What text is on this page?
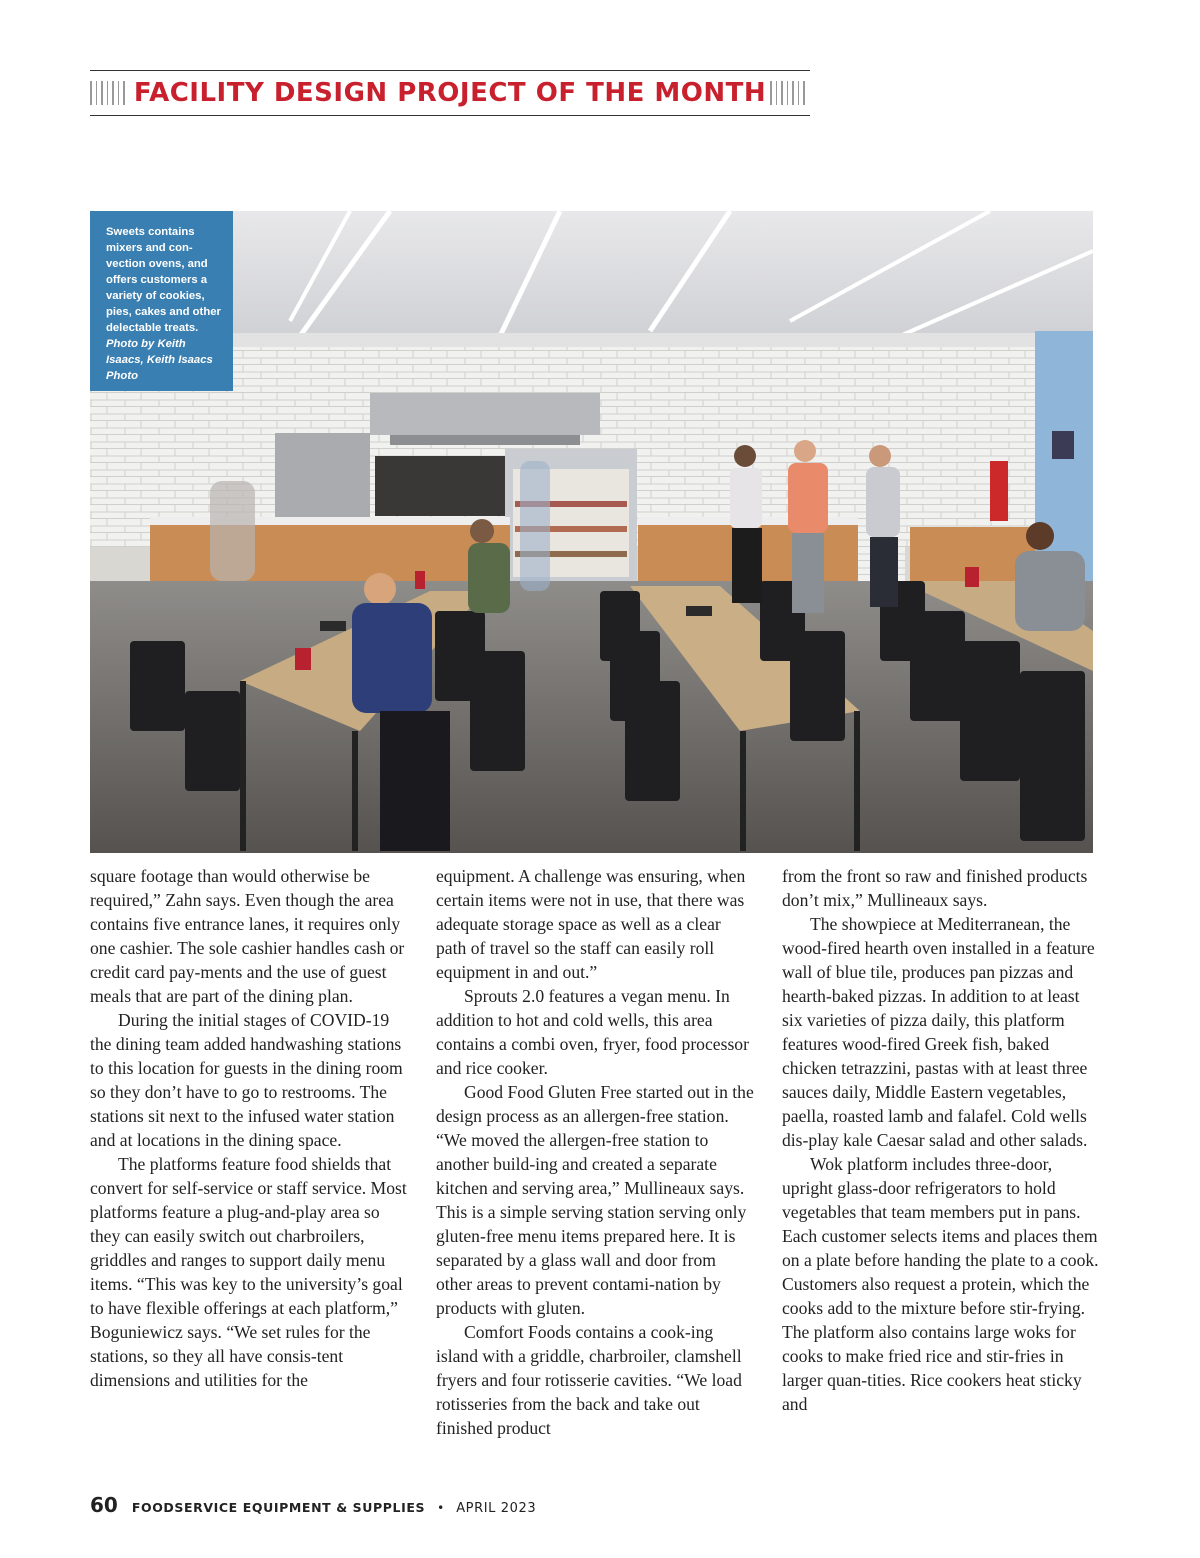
FACILITY DESIGN PROJECT OF THE MONTH
Sweets contains mixers and con-vection ovens, and offers customers a variety of cookies, pies, cakes and other delectable treats. Photo by Keith Isaacs, Keith Isaacs Photo

square footage than would otherwise be required,” Zahn says. Even though the area contains five entrance lanes, it requires only one cashier. The sole cashier handles cash or credit card pay-ments and the use of guest meals that are part of the dining plan.

During the initial stages of COVID-19 the dining team added handwashing stations to this location for guests in the dining room so they don’t have to go to restrooms. The stations sit next to the infused water station and at locations in the dining space.

The platforms feature food shields that convert for self-service or staff service. Most platforms feature a plug-and-play area so they can easily switch out charbroilers, griddles and ranges to support daily menu items. “This was key to the university’s goal to have flexible offerings at each platform,” Boguniewicz says. “We set rules for the stations, so they all have consis-tent dimensions and utilities for the

equipment. A challenge was ensuring, when certain items were not in use, that there was adequate storage space as well as a clear path of travel so the staff can easily roll equipment in and out.”

Sprouts 2.0 features a vegan menu. In addition to hot and cold wells, this area contains a combi oven, fryer, food processor and rice cooker.

Good Food Gluten Free started out in the design process as an allergen-free station. “We moved the allergen-free station to another build-ing and created a separate kitchen and serving area,” Mullineaux says. This is a simple serving station serving only gluten-free menu items prepared here. It is separated by a glass wall and door from other areas to prevent contami-nation by products with gluten.

Comfort Foods contains a cook-ing island with a griddle, charbroiler, clamshell fryers and four rotisserie cavities. “We load rotisseries from the back and take out finished product

from the front so raw and finished products don’t mix,” Mullineaux says.

The showpiece at Mediterranean, the wood-fired hearth oven installed in a feature wall of blue tile, produces pan pizzas and hearth-baked pizzas. In addition to at least six varieties of pizza daily, this platform features wood-fired Greek fish, baked chicken tetrazzini, pastas with at least three sauces daily, Middle Eastern vegetables, paella, roasted lamb and falafel. Cold wells dis-play kale Caesar salad and other salads.

Wok platform includes three-door, upright glass-door refrigerators to hold vegetables that team members put in pans. Each customer selects items and places them on a plate before handing the plate to a cook. Customers also request a protein, which the cooks add to the mixture before stir-frying. The platform also contains large woks for cooks to make fried rice and stir-fries in larger quan-tities. Rice cookers heat sticky and

60 FOODSERVICE EQUIPMENT & SUPPLIES • APRIL 2023
